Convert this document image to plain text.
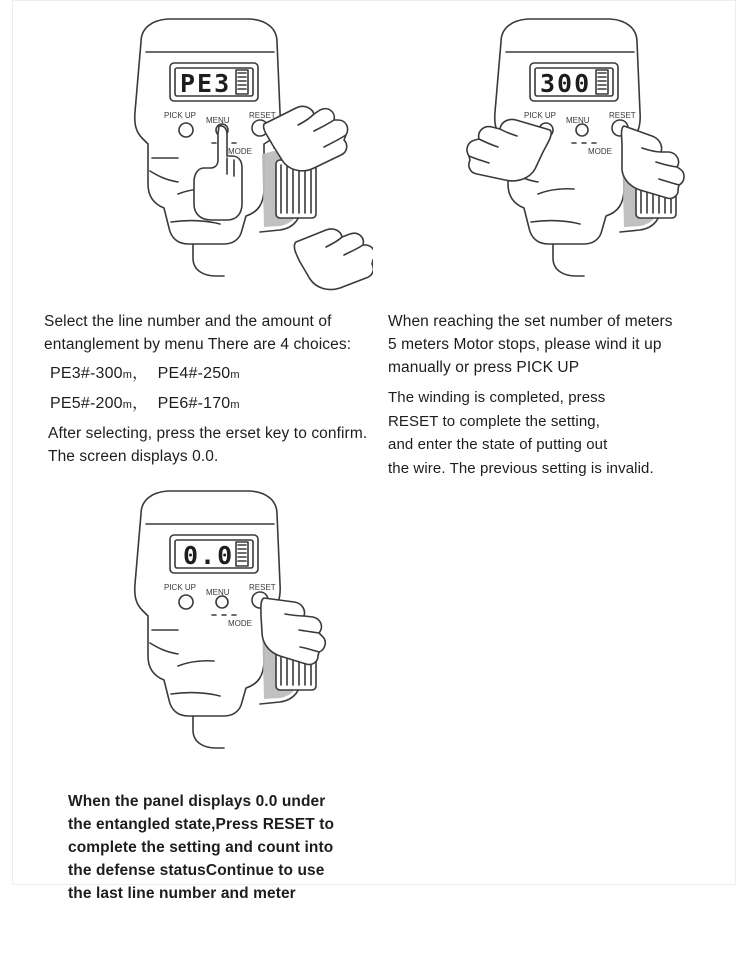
PICK UP
MENU
RESET
MODE
PE3

Select the line number and the amount of

entanglement by menu There are 4 choices:

PE3#-300m，  PE4#-250m
PE5#-200m，  PE6#-170m

After selecting, press the erset key to confirm.

The screen displays 0.0.

PICK UP
MENU
RESET
MODE
300

When reaching the set number of meters

5 meters Motor stops, please wind it up

manually or press PICK UP

The winding is completed, press

RESET to complete the setting,

and enter the state of putting out

the wire. The previous setting is invalid.

PICK UP
MENU
RESET
MODE
0.0

When the panel displays 0.0 under

the entangled state,Press RESET to

complete the setting and count into

the defense statusContinue to use

the last line number and meter
